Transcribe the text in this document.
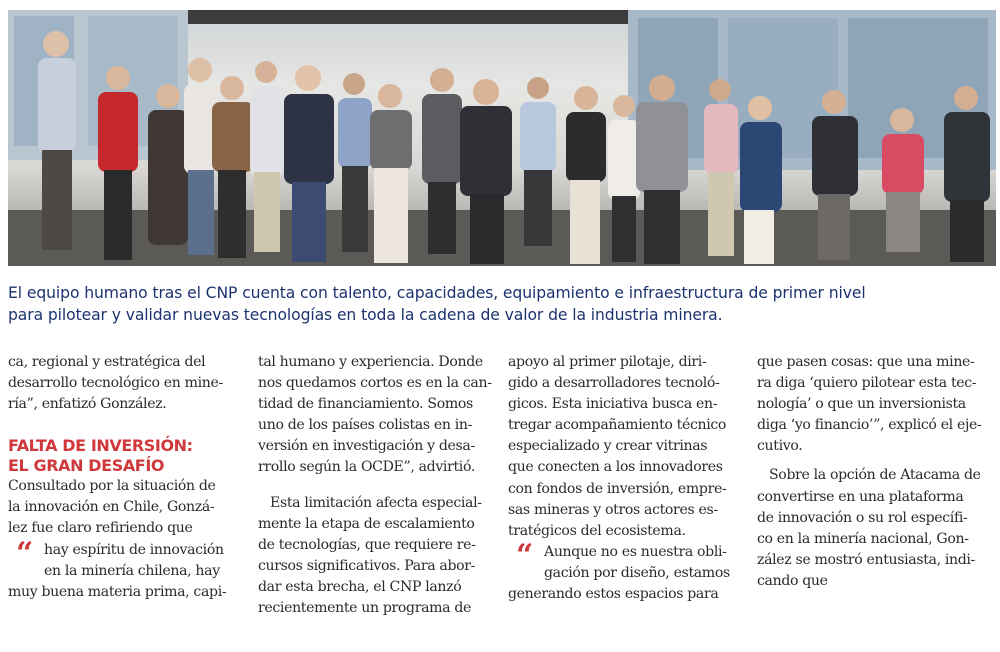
El equipo humano tras el CNP cuenta con talento, capacidades, equipamiento e infraestructura de primer nivel

para pilotear y validar nuevas tecnologías en toda la cadena de valor de la industria minera.

ca, regional y estratégica del

desarrollo tecnológico en mine-

ría”, enfatizó González.

FALTA DE INVERSIÓN:

EL GRAN DESAFÍO

Consultado por la situación de

la innovación en Chile, Gonzá-

lez fue claro refiriendo que

“ hay espíritu de innovación

en la minería chilena, hay

muy buena materia prima, capi-

tal humano y experiencia. Donde

nos quedamos cortos es en la can-

tidad de financiamiento. Somos

uno de los países colistas en in-

versión en investigación y desa-

rrollo según la OCDE”, advirtió.

Esta limitación afecta especial-

mente la etapa de escalamiento

de tecnologías, que requiere re-

cursos significativos. Para abor-

dar esta brecha, el CNP lanzó

recientemente un programa de

apoyo al primer pilotaje, diri-

gido a desarrolladores tecnoló-

gicos. Esta iniciativa busca en-

tregar acompañamiento técnico

especializado y crear vitrinas

que conecten a los innovadores

con fondos de inversión, empre-

sas mineras y otros actores es-

tratégicos del ecosistema.

“ Aunque no es nuestra obli-

gación por diseño, estamos

generando estos espacios para

que pasen cosas: que una mine-

ra diga ‘quiero pilotear esta tec-

nología’ o que un inversionista

diga ‘yo financio’”, explicó el eje-

cutivo.

Sobre la opción de Atacama de

convertirse en una plataforma

de innovación o su rol específi-

co en la minería nacional, Gon-

zález se mostró entusiasta, indi-

cando que
